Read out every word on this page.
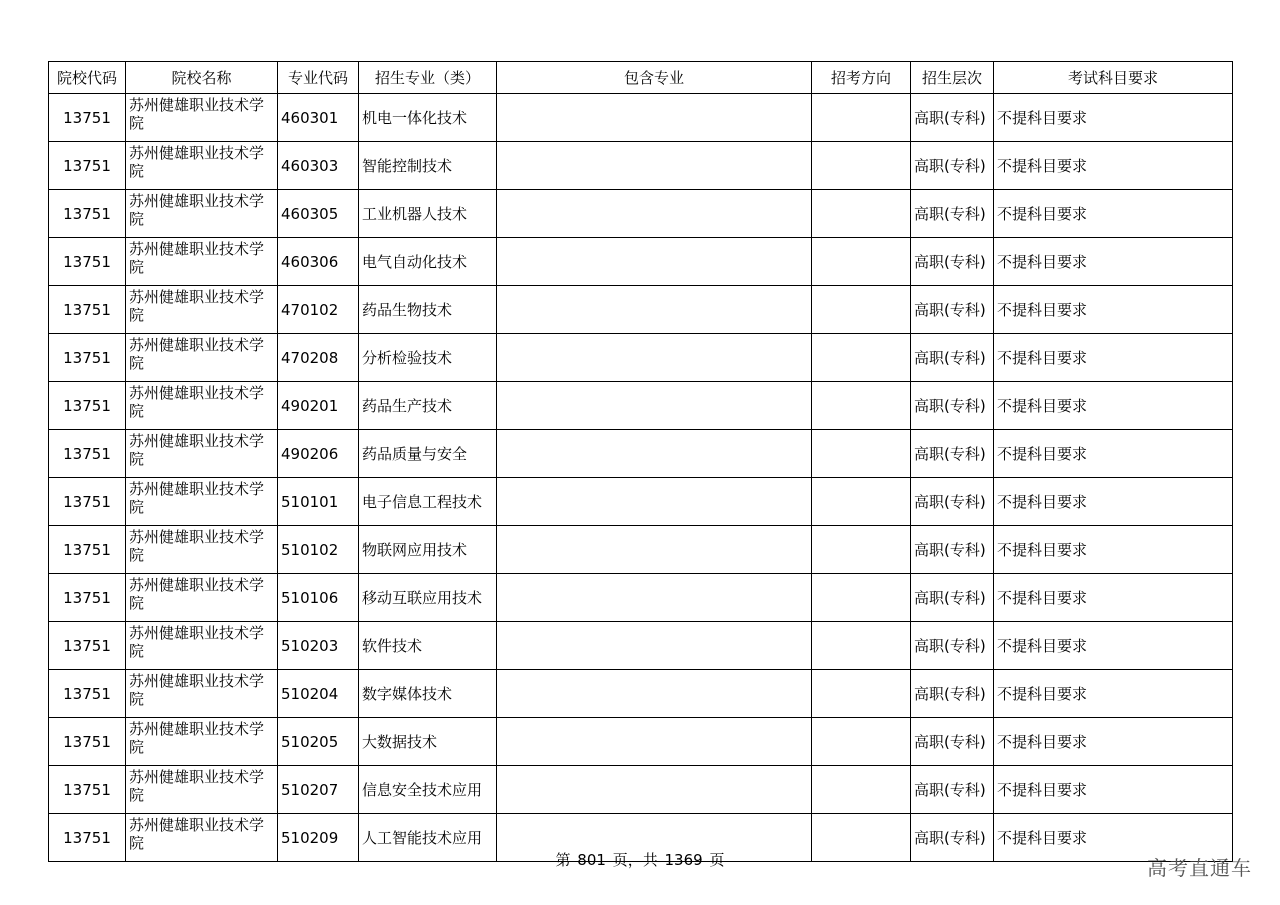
院校代码	院校名称	专业代码	招生专业（类）	包含专业	招考方向	招生层次	考试科目要求
13751	苏州健雄职业技术学院	460301	机电一体化技术			高职(专科)	不提科目要求
13751	苏州健雄职业技术学院	460303	智能控制技术			高职(专科)	不提科目要求
13751	苏州健雄职业技术学院	460305	工业机器人技术			高职(专科)	不提科目要求
13751	苏州健雄职业技术学院	460306	电气自动化技术			高职(专科)	不提科目要求
13751	苏州健雄职业技术学院	470102	药品生物技术			高职(专科)	不提科目要求
13751	苏州健雄职业技术学院	470208	分析检验技术			高职(专科)	不提科目要求
13751	苏州健雄职业技术学院	490201	药品生产技术			高职(专科)	不提科目要求
13751	苏州健雄职业技术学院	490206	药品质量与安全			高职(专科)	不提科目要求
13751	苏州健雄职业技术学院	510101	电子信息工程技术			高职(专科)	不提科目要求
13751	苏州健雄职业技术学院	510102	物联网应用技术			高职(专科)	不提科目要求
13751	苏州健雄职业技术学院	510106	移动互联应用技术			高职(专科)	不提科目要求
13751	苏州健雄职业技术学院	510203	软件技术			高职(专科)	不提科目要求
13751	苏州健雄职业技术学院	510204	数字媒体技术			高职(专科)	不提科目要求
13751	苏州健雄职业技术学院	510205	大数据技术			高职(专科)	不提科目要求
13751	苏州健雄职业技术学院	510207	信息安全技术应用			高职(专科)	不提科目要求
13751	苏州健雄职业技术学院	510209	人工智能技术应用			高职(专科)	不提科目要求
第 801 页，共 1369 页	高考直通车
